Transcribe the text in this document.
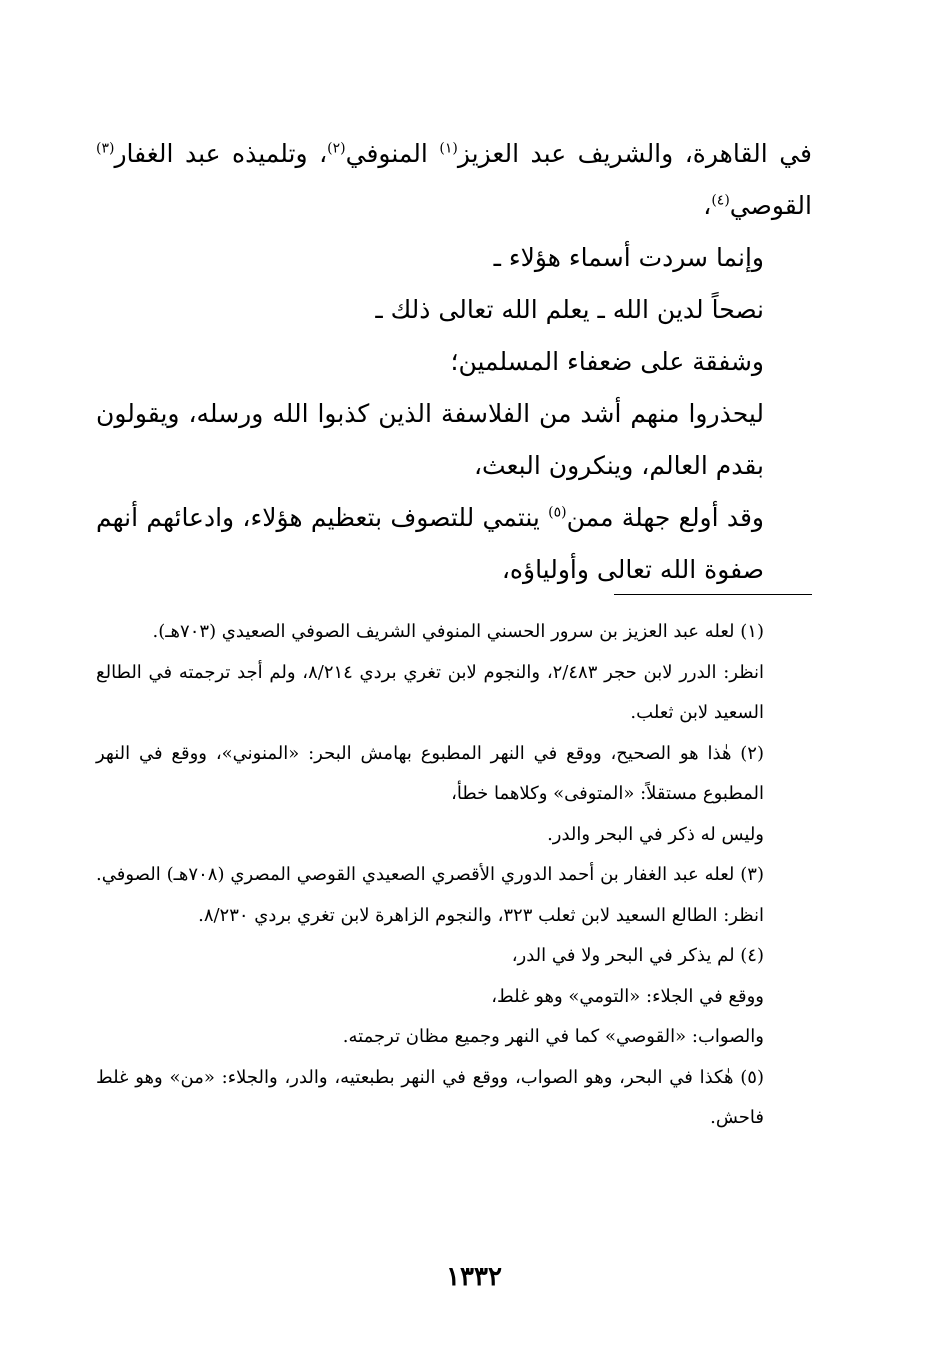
في القاهرة، والشريف عبد العزيز$^{(١)}$ المنوفي$^{(٢)}$، وتلميذه عبد الغفار$^{(٣)}$ القوصي$^{(٤)}$،

وإنما سردت أسماء هؤلاء ـ

نصحاً لدين الله ـ يعلم الله تعالى ذلك ـ

وشفقة على ضعفاء المسلمين؛

ليحذروا منهم أشد من الفلاسفة الذين كذبوا الله ورسله، ويقولون بقدم العالم، وينكرون البعث،

وقد أولع جهلة ممن$^{(٥)}$ ينتمي للتصوف بتعظيم هؤلاء، وادعائهم أنهم صفوة الله تعالى وأولياؤه،

(١) لعله عبد العزيز بن سرور الحسني المنوفي الشريف الصوفي الصعيدي (٧٠٣هـ).

انظر: الدرر لابن حجر ٢/٤٨٣، والنجوم لابن تغري بردي ٨/٢١٤، ولم أجد ترجمته في الطالع السعيد لابن ثعلب.

(٢) هٰذا هو الصحيح، ووقع في النهر المطبوع بهامش البحر: «المنوني»، ووقع في النهر المطبوع مستقلاً: «المتوفى» وكلاهما خطأ،

وليس له ذكر في البحر والدر.

(٣) لعله عبد الغفار بن أحمد الدوري الأقصري الصعيدي القوصي المصري (٧٠٨هـ) الصوفي. انظر: الطالع السعيد لابن ثعلب ٣٢٣، والنجوم الزاهرة لابن تغري بردي ٨/٢٣٠.

(٤) لم يذكر في البحر ولا في الدر،

ووقع في الجلاء: «التومي» وهو غلط،

والصواب: «القوصي» كما في النهر وجميع مظان ترجمته.

(٥) هٰكذا في البحر، وهو الصواب، ووقع في النهر بطبعتيه، والدر، والجلاء: «من» وهو غلط فاحش.

١٣٣٢
